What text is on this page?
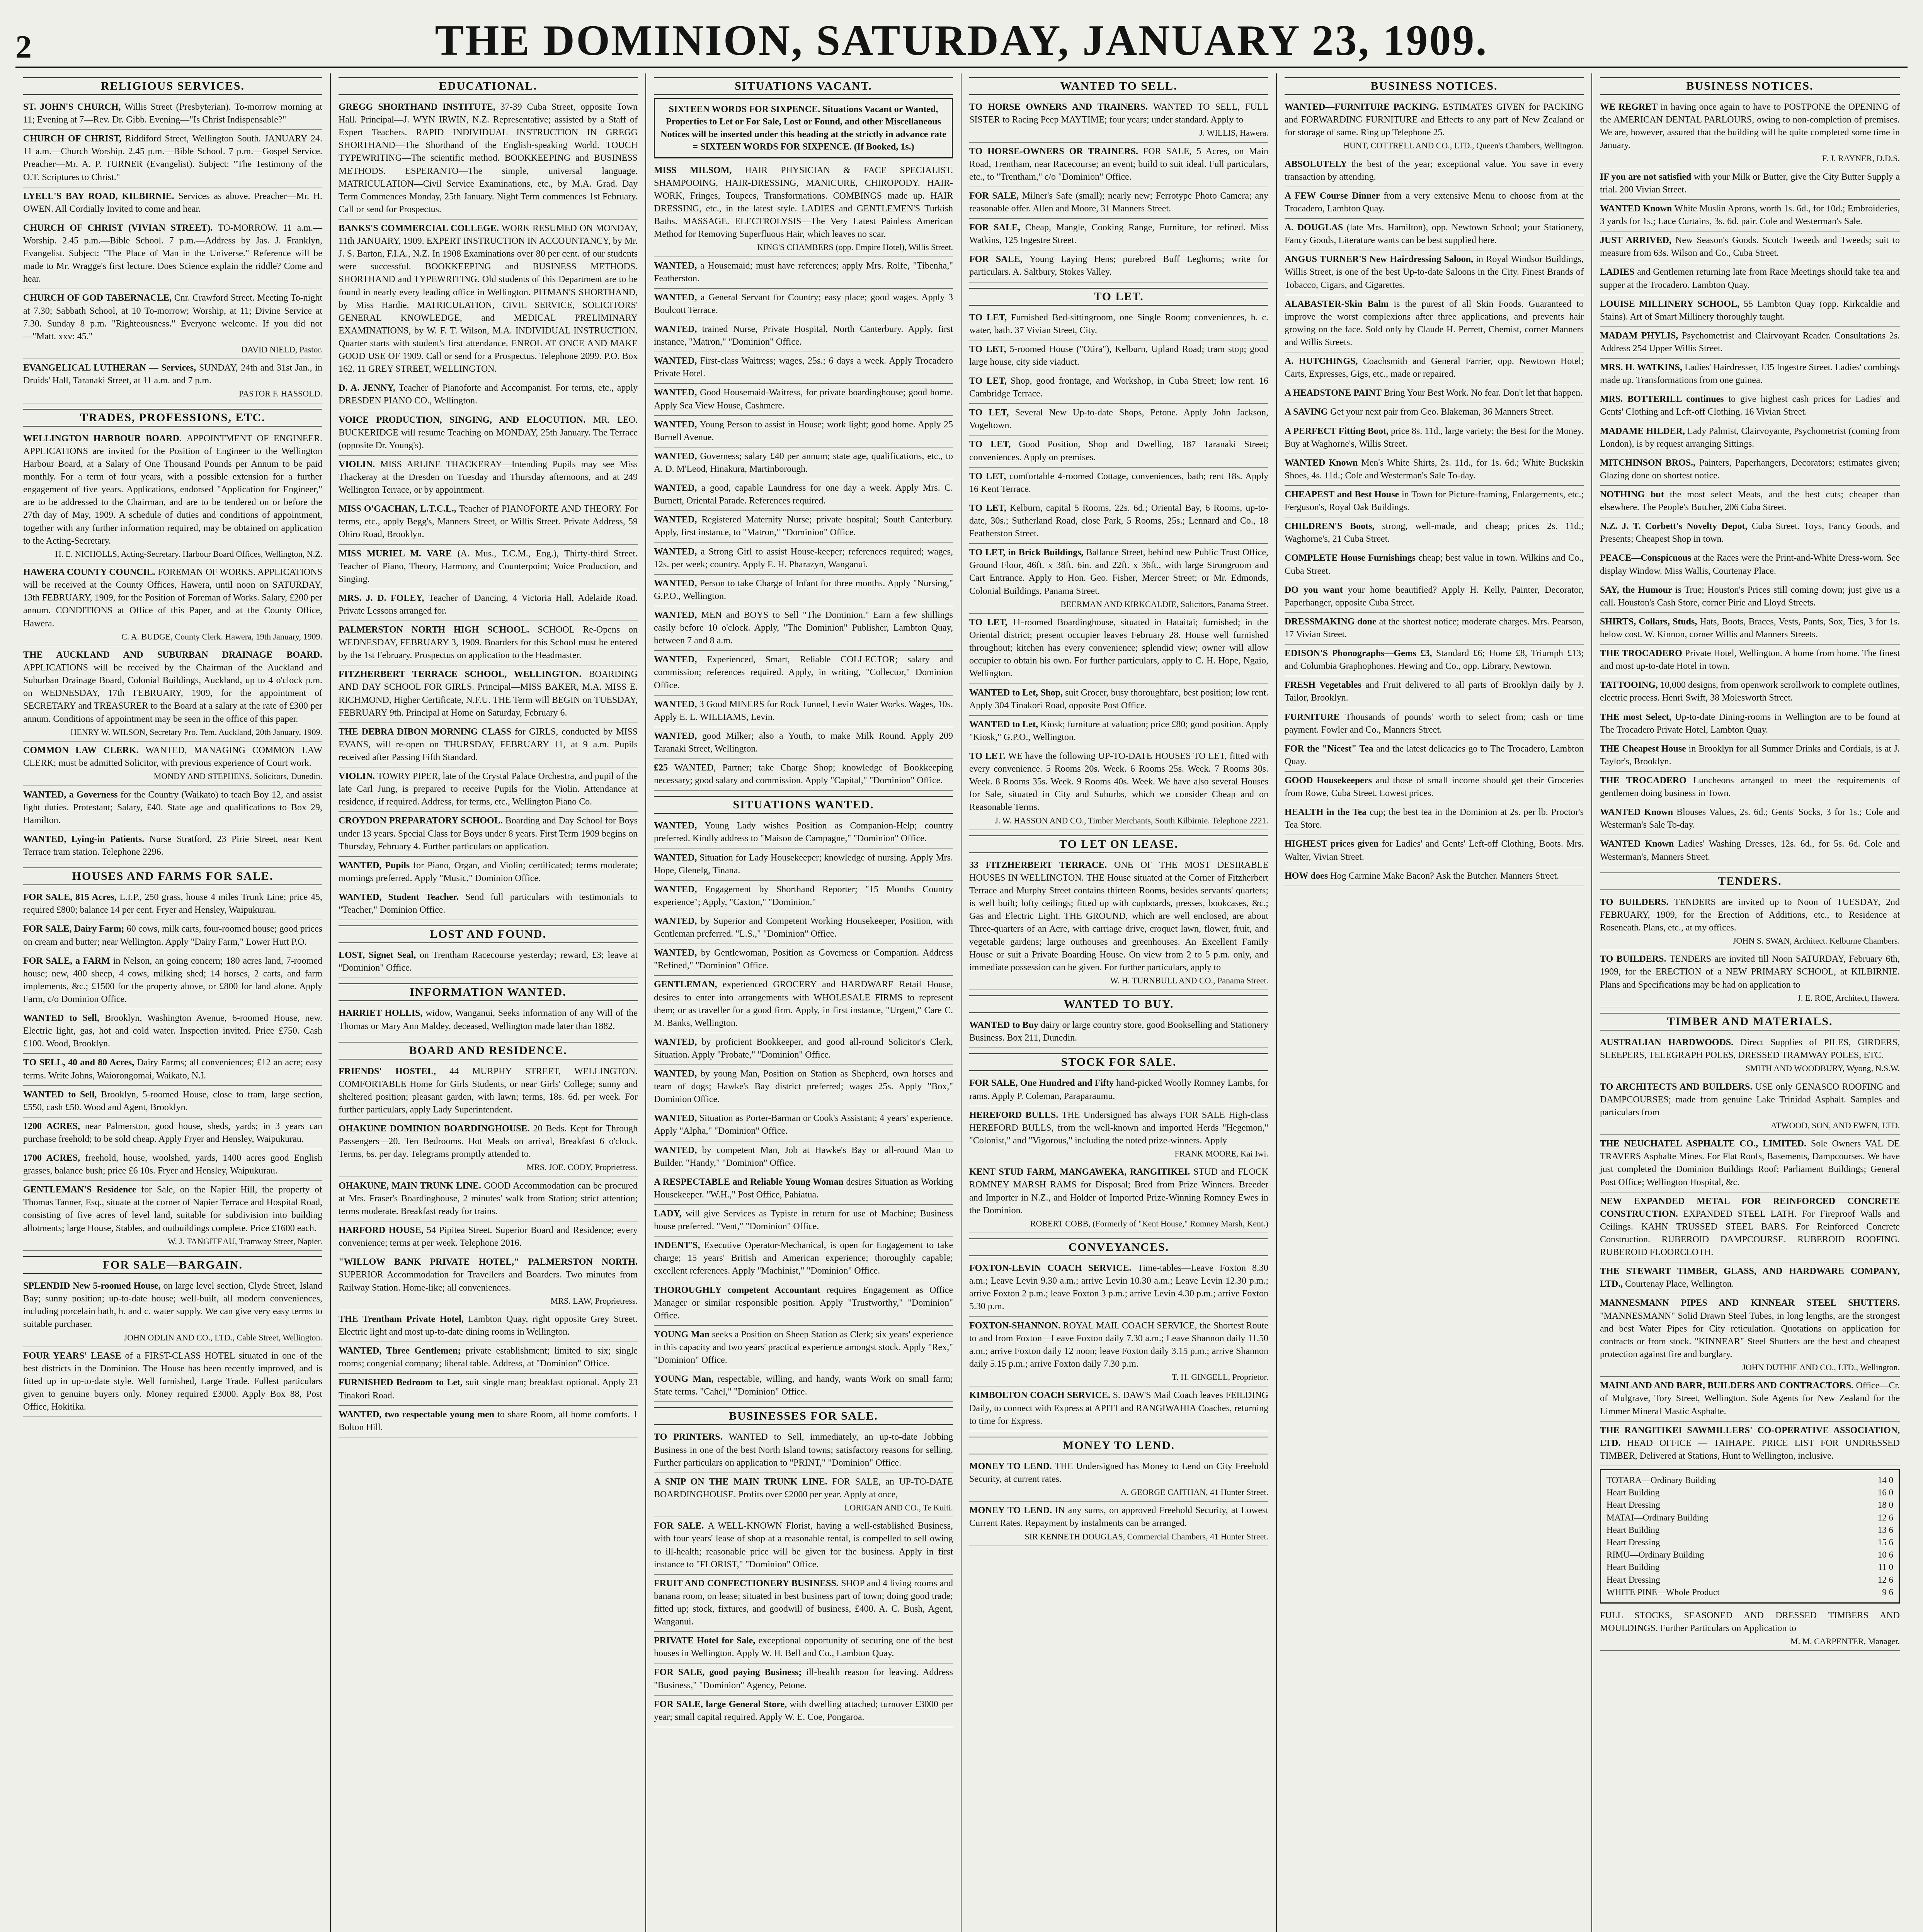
2	THE DOMINION, SATURDAY, JANUARY 23, 1909.
RELIGIOUS SERVICES.
ST. JOHN'S CHURCH, Willis Street (Presbyterian). To-morrow morning at 11; Evening at 7—Rev. Dr. Gibb. Evening—"Is Christ Indispensable?"
CHURCH OF CHRIST, Riddiford Street, Wellington South. JANUARY 24. 11 a.m.—Church Worship. 2.45 p.m.—Bible School. 7 p.m.—Gospel Service. Preacher—Mr. A. P. TURNER (Evangelist). Subject: "The Testimony of the O.T. Scriptures to Christ."
LYELL'S BAY ROAD, KILBIRNIE. Services as above. Preacher—Mr. H. OWEN. All Cordially Invited to come and hear.
CHURCH OF CHRIST (VIVIAN STREET). TO-MORROW. 11 a.m.—Worship. 2.45 p.m.—Bible School. 7 p.m.—Address by Jas. J. Franklyn, Evangelist. Subject: "The Place of Man in the Universe." Reference will be made to Mr. Wragge's first lecture. Does Science explain the riddle? Come and hear.
CHURCH OF GOD TABERNACLE, Cnr. Crawford Street. Meeting To-night at 7.30; Sabbath School, at 10 To-morrow; Worship, at 11; Divine Service at 7.30. Sunday 8 p.m. "Righteousness." Everyone welcome. If you did not—"Matt. xxv: 45."
DAVID NIELD, Pastor.
EVANGELICAL LUTHERAN — Services, SUNDAY, 24th and 31st Jan., in Druids' Hall, Taranaki Street, at 11 a.m. and 7 p.m.
PASTOR F. HASSOLD.
TRADES, PROFESSIONS, ETC.
WELLINGTON HARBOUR BOARD. APPOINTMENT OF ENGINEER. APPLICATIONS are invited for the Position of Engineer to the Wellington Harbour Board, at a Salary of One Thousand Pounds per Annum to be paid monthly. For a term of four years, with a possible extension for a further engagement of five years. Applications, endorsed "Application for Engineer," are to be addressed to the Chairman, and are to be tendered on or before the 27th day of May, 1909. A schedule of duties and conditions of appointment, together with any further information required, may be obtained on application to the Acting-Secretary.
H. E. NICHOLLS, Acting-Secretary. Harbour Board Offices, Wellington, N.Z.
HAWERA COUNTY COUNCIL. FOREMAN OF WORKS. APPLICATIONS will be received at the County Offices, Hawera, until noon on SATURDAY, 13th FEBRUARY, 1909, for the Position of Foreman of Works. Salary, £200 per annum. CONDITIONS at Office of this Paper, and at the County Office, Hawera.
C. A. BUDGE, County Clerk. Hawera, 19th January, 1909.
THE AUCKLAND AND SUBURBAN DRAINAGE BOARD. APPLICATIONS will be received by the Chairman of the Auckland and Suburban Drainage Board, Colonial Buildings, Auckland, up to 4 o'clock p.m. on WEDNESDAY, 17th FEBRUARY, 1909, for the appointment of SECRETARY and TREASURER to the Board at a salary at the rate of £300 per annum. Conditions of appointment may be seen in the office of this paper.
HENRY W. WILSON, Secretary Pro. Tem. Auckland, 20th January, 1909.
COMMON LAW CLERK. WANTED, MANAGING COMMON LAW CLERK; must be admitted Solicitor, with previous experience of Court work.
MONDY AND STEPHENS, Solicitors, Dunedin.
WANTED, a Governess for the Country (Waikato) to teach Boy 12, and assist light duties. Protestant; Salary, £40. State age and qualifications to Box 29, Hamilton.
WANTED, Lying-in Patients. Nurse Stratford, 23 Pirie Street, near Kent Terrace tram station. Telephone 2296.
HOUSES AND FARMS FOR SALE.
FOR SALE, 815 Acres, L.I.P., 250 grass, house 4 miles Trunk Line; price 45, required £800; balance 14 per cent. Fryer and Hensley, Waipukurau.
FOR SALE, Dairy Farm; 60 cows, milk carts, four-roomed house; good prices on cream and butter; near Wellington. Apply "Dairy Farm," Lower Hutt P.O.
FOR SALE, a FARM in Nelson, an going concern; 180 acres land, 7-roomed house; new, 400 sheep, 4 cows, milking shed; 14 horses, 2 carts, and farm implements, &c.; £1500 for the property above, or £800 for land alone. Apply Farm, c/o Dominion Office.
WANTED to Sell, Brooklyn, Washington Avenue, 6-roomed House, new. Electric light, gas, hot and cold water. Inspection invited. Price £750. Cash £100. Wood, Brooklyn.
TO SELL, 40 and 80 Acres, Dairy Farms; all conveniences; £12 an acre; easy terms. Write Johns, Waiorongomai, Waikato, N.I.
WANTED to Sell, Brooklyn, 5-roomed House, close to tram, large section, £550, cash £50. Wood and Agent, Brooklyn.
1200 ACRES, near Palmerston, good house, sheds, yards; in 3 years can purchase freehold; to be sold cheap. Apply Fryer and Hensley, Waipukurau.
1700 ACRES, freehold, house, woolshed, yards, 1400 acres good English grasses, balance bush; price £6 10s. Fryer and Hensley, Waipukurau.
GENTLEMAN'S Residence for Sale, on the Napier Hill, the property of Thomas Tanner, Esq., situate at the corner of Napier Terrace and Hospital Road, consisting of five acres of level land, suitable for subdivision into building allotments; large House, Stables, and outbuildings complete. Price £1600 each.
W. J. TANGITEAU, Tramway Street, Napier.
FOR SALE—BARGAIN.
SPLENDID New 5-roomed House, on large level section, Clyde Street, Island Bay; sunny position; up-to-date house; well-built, all modern conveniences, including porcelain bath, h. and c. water supply. We can give very easy terms to suitable purchaser.
JOHN ODLIN AND CO., LTD., Cable Street, Wellington.
FOUR YEARS' LEASE of a FIRST-CLASS HOTEL situated in one of the best districts in the Dominion. The House has been recently improved, and is fitted up in up-to-date style. Well furnished, Large Trade. Fullest particulars given to genuine buyers only. Money required £3000. Apply Box 88, Post Office, Hokitika.
EDUCATIONAL.
GREGG SHORTHAND INSTITUTE, 37-39 Cuba Street, opposite Town Hall. Principal—J. WYN IRWIN, N.Z. Representative; assisted by a Staff of Expert Teachers. RAPID INDIVIDUAL INSTRUCTION IN GREGG SHORTHAND—The Shorthand of the English-speaking World. TOUCH TYPEWRITING—The scientific method. BOOKKEEPING and BUSINESS METHODS. ESPERANTO—The simple, universal language. MATRICULATION—Civil Service Examinations, etc., by M.A. Grad. Day Term Commences Monday, 25th January. Night Term commences 1st February. Call or send for Prospectus.
BANKS'S COMMERCIAL COLLEGE. WORK RESUMED ON MONDAY, 11th JANUARY, 1909. EXPERT INSTRUCTION IN ACCOUNTANCY, by Mr. J. S. Barton, F.I.A., N.Z. In 1908 Examinations over 80 per cent. of our students were successful. BOOKKEEPING and BUSINESS METHODS. SHORTHAND and TYPEWRITING. Old students of this Department are to be found in nearly every leading office in Wellington. PITMAN'S SHORTHAND, by Miss Hardie. MATRICULATION, CIVIL SERVICE, SOLICITORS' GENERAL KNOWLEDGE, and MEDICAL PRELIMINARY EXAMINATIONS, by W. F. T. Wilson, M.A. INDIVIDUAL INSTRUCTION. Quarter starts with student's first attendance. ENROL AT ONCE AND MAKE GOOD USE OF 1909. Call or send for a Prospectus. Telephone 2099. P.O. Box 162. 11 GREY STREET, WELLINGTON.
D. A. JENNY, Teacher of Pianoforte and Accompanist. For terms, etc., apply DRESDEN PIANO CO., Wellington.
VOICE PRODUCTION, SINGING, AND ELOCUTION. MR. LEO. BUCKERIDGE will resume Teaching on MONDAY, 25th January. The Terrace (opposite Dr. Young's).
VIOLIN. MISS ARLINE THACKERAY—Intending Pupils may see Miss Thackeray at the Dresden on Tuesday and Thursday afternoons, and at 249 Wellington Terrace, or by appointment.
MISS O'GACHAN, L.T.C.L., Teacher of PIANOFORTE AND THEORY. For terms, etc., apply Begg's, Manners Street, or Willis Street. Private Address, 59 Ohiro Road, Brooklyn.
MISS MURIEL M. VARE (A. Mus., T.C.M., Eng.), Thirty-third Street. Teacher of Piano, Theory, Harmony, and Counterpoint; Voice Production, and Singing.
MRS. J. D. FOLEY, Teacher of Dancing, 4 Victoria Hall, Adelaide Road. Private Lessons arranged for.
PALMERSTON NORTH HIGH SCHOOL. SCHOOL Re-Opens on WEDNESDAY, FEBRUARY 3, 1909. Boarders for this School must be entered by the 1st February. Prospectus on application to the Headmaster.
FITZHERBERT TERRACE SCHOOL, WELLINGTON. BOARDING AND DAY SCHOOL FOR GIRLS. Principal—MISS BAKER, M.A. MISS E. RICHMOND, Higher Certificate, N.F.U. THE Term will BEGIN on TUESDAY, FEBRUARY 9th. Principal at Home on Saturday, February 6.
THE DEBRA DIBON MORNING CLASS for GIRLS, conducted by MISS EVANS, will re-open on THURSDAY, FEBRUARY 11, at 9 a.m. Pupils received after Passing Fifth Standard.
VIOLIN. TOWRY PIPER, late of the Crystal Palace Orchestra, and pupil of the late Carl Jung, is prepared to receive Pupils for the Violin. Attendance at residence, if required. Address, for terms, etc., Wellington Piano Co.
CROYDON PREPARATORY SCHOOL. Boarding and Day School for Boys under 13 years. Special Class for Boys under 8 years. First Term 1909 begins on Thursday, February 4. Further particulars on application.
WANTED, Pupils for Piano, Organ, and Violin; certificated; terms moderate; mornings preferred. Apply "Music," Dominion Office.
WANTED, Student Teacher. Send full particulars with testimonials to "Teacher," Dominion Office.
LOST AND FOUND.
LOST, Signet Seal, on Trentham Racecourse yesterday; reward, £3; leave at "Dominion" Office.
INFORMATION WANTED.
HARRIET HOLLIS, widow, Wanganui, Seeks information of any Will of the Thomas or Mary Ann Maldey, deceased, Wellington made later than 1882.
BOARD AND RESIDENCE.
FRIENDS' HOSTEL, 44 MURPHY STREET, WELLINGTON. COMFORTABLE Home for Girls Students, or near Girls' College; sunny and sheltered position; pleasant garden, with lawn; terms, 18s. 6d. per week. For further particulars, apply Lady Superintendent.
OHAKUNE DOMINION BOARDINGHOUSE. 20 Beds. Kept for Through Passengers—20. Ten Bedrooms. Hot Meals on arrival, Breakfast 6 o'clock. Terms, 6s. per day. Telegrams promptly attended to.
MRS. JOE. CODY, Proprietress.
OHAKUNE, MAIN TRUNK LINE. GOOD Accommodation can be procured at Mrs. Fraser's Boardinghouse, 2 minutes' walk from Station; strict attention; terms moderate. Breakfast ready for trains.
HARFORD HOUSE, 54 Pipitea Street. Superior Board and Residence; every convenience; terms at per week. Telephone 2016.
"WILLOW BANK PRIVATE HOTEL," PALMERSTON NORTH. SUPERIOR Accommodation for Travellers and Boarders. Two minutes from Railway Station. Home-like; all conveniences.
MRS. LAW, Proprietress.
THE Trentham Private Hotel, Lambton Quay, right opposite Grey Street. Electric light and most up-to-date dining rooms in Wellington.
WANTED, Three Gentlemen; private establishment; limited to six; single rooms; congenial company; liberal table. Address, at "Dominion" Office.
FURNISHED Bedroom to Let, suit single man; breakfast optional. Apply 23 Tinakori Road.
WANTED, two respectable young men to share Room, all home comforts. 1 Bolton Hill.
SITUATIONS VACANT.
SIXTEEN WORDS FOR SIXPENCE. Situations Vacant or Wanted, Properties to Let or For Sale, Lost or Found, and other Miscellaneous Notices will be inserted under this heading at the strictly in advance rate = SIXTEEN WORDS FOR SIXPENCE. (If Booked, 1s.)
MISS MILSOM, HAIR PHYSICIAN & FACE SPECIALIST. SHAMPOOING, HAIR-DRESSING, MANICURE, CHIROPODY. HAIR-WORK, Fringes, Toupees, Transformations. COMBINGS made up. HAIR DRESSING, etc., in the latest style. LADIES and GENTLEMEN'S Turkish Baths. MASSAGE. ELECTROLYSIS—The Very Latest Painless American Method for Removing Superfluous Hair, which leaves no scar.
KING'S CHAMBERS (opp. Empire Hotel), Willis Street.
WANTED, a Housemaid; must have references; apply Mrs. Rolfe, "Tibenha," Featherston.
WANTED, a General Servant for Country; easy place; good wages. Apply 3 Boulcott Terrace.
WANTED, trained Nurse, Private Hospital, North Canterbury. Apply, first instance, "Matron," "Dominion" Office.
WANTED, First-class Waitress; wages, 25s.; 6 days a week. Apply Trocadero Private Hotel.
WANTED, Good Housemaid-Waitress, for private boardinghouse; good home. Apply Sea View House, Cashmere.
WANTED, Young Person to assist in House; work light; good home. Apply 25 Burnell Avenue.
WANTED, Governess; salary £40 per annum; state age, qualifications, etc., to A. D. M'Leod, Hinakura, Martinborough.
WANTED, a good, capable Laundress for one day a week. Apply Mrs. C. Burnett, Oriental Parade. References required.
WANTED, Registered Maternity Nurse; private hospital; South Canterbury. Apply, first instance, to "Matron," "Dominion" Office.
WANTED, a Strong Girl to assist House-keeper; references required; wages, 12s. per week; country. Apply E. H. Pharazyn, Wanganui.
WANTED, Person to take Charge of Infant for three months. Apply "Nursing," G.P.O., Wellington.
WANTED, MEN and BOYS to Sell "The Dominion." Earn a few shillings easily before 10 o'clock. Apply, "The Dominion" Publisher, Lambton Quay, between 7 and 8 a.m.
WANTED, Experienced, Smart, Reliable COLLECTOR; salary and commission; references required. Apply, in writing, "Collector," Dominion Office.
WANTED, 3 Good MINERS for Rock Tunnel, Levin Water Works. Wages, 10s. Apply E. L. WILLIAMS, Levin.
WANTED, good Milker; also a Youth, to make Milk Round. Apply 209 Taranaki Street, Wellington.
£25 WANTED, Partner; take Charge Shop; knowledge of Bookkeeping necessary; good salary and commission. Apply "Capital," "Dominion" Office.
SITUATIONS WANTED.
WANTED, Young Lady wishes Position as Companion-Help; country preferred. Kindly address to "Maison de Campagne," "Dominion" Office.
WANTED, Situation for Lady Housekeeper; knowledge of nursing. Apply Mrs. Hope, Glenelg, Tinana.
WANTED, Engagement by Shorthand Reporter; "15 Months Country experience"; Apply, "Caxton," "Dominion."
WANTED, by Superior and Competent Working Housekeeper, Position, with Gentleman preferred. "L.S.," "Dominion" Office.
WANTED, by Gentlewoman, Position as Governess or Companion. Address "Refined," "Dominion" Office.
GENTLEMAN, experienced GROCERY and HARDWARE Retail House, desires to enter into arrangements with WHOLESALE FIRMS to represent them; or as traveller for a good firm. Apply, in first instance, "Urgent," Care C. M. Banks, Wellington.
WANTED, by proficient Bookkeeper, and good all-round Solicitor's Clerk, Situation. Apply "Probate," "Dominion" Office.
WANTED, by young Man, Position on Station as Shepherd, own horses and team of dogs; Hawke's Bay district preferred; wages 25s. Apply "Box," Dominion Office.
WANTED, Situation as Porter-Barman or Cook's Assistant; 4 years' experience. Apply "Alpha," "Dominion" Office.
WANTED, by competent Man, Job at Hawke's Bay or all-round Man to Builder. "Handy," "Dominion" Office.
A RESPECTABLE and Reliable Young Woman desires Situation as Working Housekeeper. "W.H.," Post Office, Pahiatua.
LADY, will give Services as Typiste in return for use of Machine; Business house preferred. "Vent," "Dominion" Office.
INDENT'S, Executive Operator-Mechanical, is open for Engagement to take charge; 15 years' British and American experience; thoroughly capable; excellent references. Apply "Machinist," "Dominion" Office.
THOROUGHLY competent Accountant requires Engagement as Office Manager or similar responsible position. Apply "Trustworthy," "Dominion" Office.
YOUNG Man seeks a Position on Sheep Station as Clerk; six years' experience in this capacity and two years' practical experience amongst stock. Apply "Rex," "Dominion" Office.
YOUNG Man, respectable, willing, and handy, wants Work on small farm; State terms. "Cahel," "Dominion" Office.
BUSINESSES FOR SALE.
TO PRINTERS. WANTED to Sell, immediately, an up-to-date Jobbing Business in one of the best North Island towns; satisfactory reasons for selling. Further particulars on application to "PRINT," "Dominion" Office.
A SNIP ON THE MAIN TRUNK LINE. FOR SALE, an UP-TO-DATE BOARDINGHOUSE. Profits over £2000 per year. Apply at once,
LORIGAN AND CO., Te Kuiti.
FOR SALE. A WELL-KNOWN Florist, having a well-established Business, with four years' lease of shop at a reasonable rental, is compelled to sell owing to ill-health; reasonable price will be given for the business. Apply in first instance to "FLORIST," "Dominion" Office.
FRUIT AND CONFECTIONERY BUSINESS. SHOP and 4 living rooms and banana room, on lease; situated in best business part of town; doing good trade; fitted up; stock, fixtures, and goodwill of business, £400. A. C. Bush, Agent, Wanganui.
PRIVATE Hotel for Sale, exceptional opportunity of securing one of the best houses in Wellington. Apply W. H. Bell and Co., Lambton Quay.
FOR SALE, good paying Business; ill-health reason for leaving. Address "Business," "Dominion" Agency, Petone.
FOR SALE, large General Store, with dwelling attached; turnover £3000 per year; small capital required. Apply W. E. Coe, Pongaroa.
WANTED TO SELL.
TO HORSE OWNERS AND TRAINERS. WANTED TO SELL, FULL SISTER to Racing Peep MAYTIME; four years; under standard. Apply to
J. WILLIS, Hawera.
TO HORSE-OWNERS OR TRAINERS. FOR SALE, 5 Acres, on Main Road, Trentham, near Racecourse; an event; build to suit ideal. Full particulars, etc., to "Trentham," c/o "Dominion" Office.
FOR SALE, Milner's Safe (small); nearly new; Ferrotype Photo Camera; any reasonable offer. Allen and Moore, 31 Manners Street.
FOR SALE, Cheap, Mangle, Cooking Range, Furniture, for refined. Miss Watkins, 125 Ingestre Street.
FOR SALE, Young Laying Hens; purebred Buff Leghorns; write for particulars. A. Saltbury, Stokes Valley.
TO LET.
TO LET, Furnished Bed-sittingroom, one Single Room; conveniences, h. c. water, bath. 37 Vivian Street, City.
TO LET, 5-roomed House ("Otira"), Kelburn, Upland Road; tram stop; good large house, city side viaduct.
TO LET, Shop, good frontage, and Workshop, in Cuba Street; low rent. 16 Cambridge Terrace.
TO LET, Several New Up-to-date Shops, Petone. Apply John Jackson, Vogeltown.
TO LET, Good Position, Shop and Dwelling, 187 Taranaki Street; conveniences. Apply on premises.
TO LET, comfortable 4-roomed Cottage, conveniences, bath; rent 18s. Apply 16 Kent Terrace.
TO LET, Kelburn, capital 5 Rooms, 22s. 6d.; Oriental Bay, 6 Rooms, up-to-date, 30s.; Sutherland Road, close Park, 5 Rooms, 25s.; Lennard and Co., 18 Featherston Street.
TO LET, in Brick Buildings, Ballance Street, behind new Public Trust Office, Ground Floor, 46ft. x 38ft. 6in. and 22ft. x 36ft., with large Strongroom and Cart Entrance. Apply to Hon. Geo. Fisher, Mercer Street; or Mr. Edmonds, Colonial Buildings, Panama Street.
BEERMAN AND KIRKCALDIE, Solicitors, Panama Street.
TO LET, 11-roomed Boardinghouse, situated in Hataitai; furnished; in the Oriental district; present occupier leaves February 28. House well furnished throughout; kitchen has every convenience; splendid view; owner will allow occupier to obtain his own. For further particulars, apply to C. H. Hope, Ngaio, Wellington.
WANTED to Let, Shop, suit Grocer, busy thoroughfare, best position; low rent. Apply 304 Tinakori Road, opposite Post Office.
WANTED to Let, Kiosk; furniture at valuation; price £80; good position. Apply "Kiosk," G.P.O., Wellington.
TO LET. WE have the following UP-TO-DATE HOUSES TO LET, fitted with every convenience. 5 Rooms 20s. Week. 6 Rooms 25s. Week. 7 Rooms 30s. Week. 8 Rooms 35s. Week. 9 Rooms 40s. Week. We have also several Houses for Sale, situated in City and Suburbs, which we consider Cheap and on Reasonable Terms.
J. W. HASSON AND CO., Timber Merchants, South Kilbirnie. Telephone 2221.
TO LET ON LEASE.
33 FITZHERBERT TERRACE. ONE OF THE MOST DESIRABLE HOUSES IN WELLINGTON. THE House situated at the Corner of Fitzherbert Terrace and Murphy Street contains thirteen Rooms, besides servants' quarters; is well built; lofty ceilings; fitted up with cupboards, presses, bookcases, &c.; Gas and Electric Light. THE GROUND, which are well enclosed, are about Three-quarters of an Acre, with carriage drive, croquet lawn, flower, fruit, and vegetable gardens; large outhouses and greenhouses. An Excellent Family House or suit a Private Boarding House. On view from 2 to 5 p.m. only, and immediate possession can be given. For further particulars, apply to
W. H. TURNBULL AND CO., Panama Street.
WANTED TO BUY.
WANTED to Buy dairy or large country store, good Bookselling and Stationery Business. Box 211, Dunedin.
STOCK FOR SALE.
FOR SALE, One Hundred and Fifty hand-picked Woolly Romney Lambs, for rams. Apply P. Coleman, Paraparaumu.
HEREFORD BULLS. THE Undersigned has always FOR SALE High-class HEREFORD BULLS, from the well-known and imported Herds "Hegemon," "Colonist," and "Vigorous," including the noted prize-winners. Apply
FRANK MOORE, Kai Iwi.
KENT STUD FARM, MANGAWEKA, RANGITIKEI. STUD and FLOCK ROMNEY MARSH RAMS for Disposal; Bred from Prize Winners. Breeder and Importer in N.Z., and Holder of Imported Prize-Winning Romney Ewes in the Dominion.
ROBERT COBB, (Formerly of "Kent House," Romney Marsh, Kent.)
CONVEYANCES.
FOXTON-LEVIN COACH SERVICE. Time-tables—Leave Foxton 8.30 a.m.; Leave Levin 9.30 a.m.; arrive Levin 10.30 a.m.; Leave Levin 12.30 p.m.; arrive Foxton 2 p.m.; leave Foxton 3 p.m.; arrive Levin 4.30 p.m.; arrive Foxton 5.30 p.m.
FOXTON-SHANNON. ROYAL MAIL COACH SERVICE, the Shortest Route to and from Foxton—Leave Foxton daily 7.30 a.m.; Leave Shannon daily 11.50 a.m.; arrive Foxton daily 12 noon; leave Foxton daily 3.15 p.m.; arrive Shannon daily 5.15 p.m.; arrive Foxton daily 7.30 p.m.
T. H. GINGELL, Proprietor.
KIMBOLTON COACH SERVICE. S. DAW'S Mail Coach leaves FEILDING Daily, to connect with Express at APITI and RANGIWAHIA Coaches, returning to time for Express.
MONEY TO LEND.
MONEY TO LEND. THE Undersigned has Money to Lend on City Freehold Security, at current rates.
A. GEORGE CAITHAN, 41 Hunter Street.
MONEY TO LEND. IN any sums, on approved Freehold Security, at Lowest Current Rates. Repayment by instalments can be arranged.
SIR KENNETH DOUGLAS, Commercial Chambers, 41 Hunter Street.
BUSINESS NOTICES.
WANTED—FURNITURE PACKING. ESTIMATES GIVEN for PACKING and FORWARDING FURNITURE and Effects to any part of New Zealand or for storage of same. Ring up Telephone 25.
HUNT, COTTRELL AND CO., LTD., Queen's Chambers, Wellington.
ABSOLUTELY the best of the year; exceptional value. You save in every transaction by attending.
A FEW Course Dinner from a very extensive Menu to choose from at the Trocadero, Lambton Quay.
A. DOUGLAS (late Mrs. Hamilton), opp. Newtown School; your Stationery, Fancy Goods, Literature wants can be best supplied here.
ANGUS TURNER'S New Hairdressing Saloon, in Royal Windsor Buildings, Willis Street, is one of the best Up-to-date Saloons in the City. Finest Brands of Tobacco, Cigars, and Cigarettes.
ALABASTER-Skin Balm is the purest of all Skin Foods. Guaranteed to improve the worst complexions after three applications, and prevents hair growing on the face. Sold only by Claude H. Perrett, Chemist, corner Manners and Willis Streets.
A. HUTCHINGS, Coachsmith and General Farrier, opp. Newtown Hotel; Carts, Expresses, Gigs, etc., made or repaired.
A HEADSTONE PAINT Bring Your Best Work. No fear. Don't let that happen.
A SAVING Get your next pair from Geo. Blakeman, 36 Manners Street.
A PERFECT Fitting Boot, price 8s. 11d., large variety; the Best for the Money. Buy at Waghorne's, Willis Street.
WANTED Known Men's White Shirts, 2s. 11d., for 1s. 6d.; White Buckskin Shoes, 4s. 11d.; Cole and Westerman's Sale To-day.
CHEAPEST and Best House in Town for Picture-framing, Enlargements, etc.; Ferguson's, Royal Oak Buildings.
CHILDREN'S Boots, strong, well-made, and cheap; prices 2s. 11d.; Waghorne's, 21 Cuba Street.
COMPLETE House Furnishings cheap; best value in town. Wilkins and Co., Cuba Street.
DO you want your home beautified? Apply H. Kelly, Painter, Decorator, Paperhanger, opposite Cuba Street.
DRESSMAKING done at the shortest notice; moderate charges. Mrs. Pearson, 17 Vivian Street.
EDISON'S Phonographs—Gems £3, Standard £6; Home £8, Triumph £13; and Columbia Graphophones. Hewing and Co., opp. Library, Newtown.
FRESH Vegetables and Fruit delivered to all parts of Brooklyn daily by J. Tailor, Brooklyn.
FURNITURE Thousands of pounds' worth to select from; cash or time payment. Fowler and Co., Manners Street.
FOR the "Nicest" Tea and the latest delicacies go to The Trocadero, Lambton Quay.
GOOD Housekeepers and those of small income should get their Groceries from Rowe, Cuba Street. Lowest prices.
HEALTH in the Tea cup; the best tea in the Dominion at 2s. per lb. Proctor's Tea Store.
HIGHEST prices given for Ladies' and Gents' Left-off Clothing, Boots. Mrs. Walter, Vivian Street.
HOW does Hog Carmine Make Bacon? Ask the Butcher. Manners Street.
BUSINESS NOTICES.
WE REGRET in having once again to have to POSTPONE the OPENING of the AMERICAN DENTAL PARLOURS, owing to non-completion of premises. We are, however, assured that the building will be quite completed some time in January.
F. J. RAYNER, D.D.S.
IF you are not satisfied with your Milk or Butter, give the City Butter Supply a trial. 200 Vivian Street.
WANTED Known White Muslin Aprons, worth 1s. 6d., for 10d.; Embroideries, 3 yards for 1s.; Lace Curtains, 3s. 6d. pair. Cole and Westerman's Sale.
JUST ARRIVED, New Season's Goods. Scotch Tweeds and Tweeds; suit to measure from 63s. Wilson and Co., Cuba Street.
LADIES and Gentlemen returning late from Race Meetings should take tea and supper at the Trocadero. Lambton Quay.
LOUISE MILLINERY SCHOOL, 55 Lambton Quay (opp. Kirkcaldie and Stains). Art of Smart Millinery thoroughly taught.
MADAM PHYLIS, Psychometrist and Clairvoyant Reader. Consultations 2s. Address 254 Upper Willis Street.
MRS. H. WATKINS, Ladies' Hairdresser, 135 Ingestre Street. Ladies' combings made up. Transformations from one guinea.
MRS. BOTTERILL continues to give highest cash prices for Ladies' and Gents' Clothing and Left-off Clothing. 16 Vivian Street.
MADAME HILDER, Lady Palmist, Clairvoyante, Psychometrist (coming from London), is by request arranging Sittings.
MITCHINSON BROS., Painters, Paperhangers, Decorators; estimates given; Glazing done on shortest notice.
NOTHING but the most select Meats, and the best cuts; cheaper than elsewhere. The People's Butcher, 206 Cuba Street.
N.Z. J. T. Corbett's Novelty Depot, Cuba Street. Toys, Fancy Goods, and Presents; Cheapest Shop in town.
PEACE—Conspicuous at the Races were the Print-and-White Dress-worn. See display Window. Miss Wallis, Courtenay Place.
SAY, the Humour is True; Houston's Prices still coming down; just give us a call. Houston's Cash Store, corner Pirie and Lloyd Streets.
SHIRTS, Collars, Studs, Hats, Boots, Braces, Vests, Pants, Sox, Ties, 3 for 1s. below cost. W. Kinnon, corner Willis and Manners Streets.
THE TROCADERO Private Hotel, Wellington. A home from home. The finest and most up-to-date Hotel in town.
TATTOOING, 10,000 designs, from openwork scrollwork to complete outlines, electric process. Henri Swift, 38 Molesworth Street.
THE most Select, Up-to-date Dining-rooms in Wellington are to be found at The Trocadero Private Hotel, Lambton Quay.
THE Cheapest House in Brooklyn for all Summer Drinks and Cordials, is at J. Taylor's, Brooklyn.
THE TROCADERO Luncheons arranged to meet the requirements of gentlemen doing business in Town.
WANTED Known Blouses Values, 2s. 6d.; Gents' Socks, 3 for 1s.; Cole and Westerman's Sale To-day.
WANTED Known Ladies' Washing Dresses, 12s. 6d., for 5s. 6d. Cole and Westerman's, Manners Street.
TENDERS.
TO BUILDERS. TENDERS are invited up to Noon of TUESDAY, 2nd FEBRUARY, 1909, for the Erection of Additions, etc., to Residence at Roseneath. Plans, etc., at my offices.
JOHN S. SWAN, Architect. Kelburne Chambers.
TO BUILDERS. TENDERS are invited till Noon SATURDAY, February 6th, 1909, for the ERECTION of a NEW PRIMARY SCHOOL, at KILBIRNIE. Plans and Specifications may be had on application to
J. E. ROE, Architect, Hawera.
TIMBER AND MATERIALS.
AUSTRALIAN HARDWOODS. Direct Supplies of PILES, GIRDERS, SLEEPERS, TELEGRAPH POLES, DRESSED TRAMWAY POLES, ETC.
SMITH AND WOODBURY, Wyong, N.S.W.
TO ARCHITECTS AND BUILDERS. USE only GENASCO ROOFING and DAMPCOURSES; made from genuine Lake Trinidad Asphalt. Samples and particulars from
ATWOOD, SON, AND EWEN, LTD.
THE NEUCHATEL ASPHALTE CO., LIMITED. Sole Owners VAL DE TRAVERS Asphalte Mines. For Flat Roofs, Basements, Dampcourses. We have just completed the Dominion Buildings Roof; Parliament Buildings; General Post Office; Wellington Hospital, &c.
NEW EXPANDED METAL FOR REINFORCED CONCRETE CONSTRUCTION. EXPANDED STEEL LATH. For Fireproof Walls and Ceilings. KAHN TRUSSED STEEL BARS. For Reinforced Concrete Construction. RUBEROID DAMPCOURSE. RUBEROID ROOFING. RUBEROID FLOORCLOTH.
THE STEWART TIMBER, GLASS, AND HARDWARE COMPANY, LTD., Courtenay Place, Wellington.
MANNESMANN PIPES AND KINNEAR STEEL SHUTTERS. "MANNESMANN" Solid Drawn Steel Tubes, in long lengths, are the strongest and best Water Pipes for City reticulation. Quotations on application for contracts or from stock. "KINNEAR" Steel Shutters are the best and cheapest protection against fire and burglary.
JOHN DUTHIE AND CO., LTD., Wellington.
MAINLAND AND BARR, BUILDERS AND CONTRACTORS. Office—Cr. of Mulgrave, Tory Street, Wellington. Sole Agents for New Zealand for the Limmer Mineral Mastic Asphalte.
THE RANGITIKEI SAWMILLERS' CO-OPERATIVE ASSOCIATION, LTD. HEAD OFFICE — TAIHAPE. PRICE LIST FOR UNDRESSED TIMBER, Delivered at Stations, Hunt to Wellington, inclusive.
TOTARA—Ordinary Building	14 0
Heart Building	16 0
Heart Dressing	18 0
MATAI—Ordinary Building	12 6
Heart Building	13 6
Heart Dressing	15 6
RIMU—Ordinary Building	10 6
Heart Building	11 0
Heart Dressing	12 6
WHITE PINE—Whole Product	9 6
FULL STOCKS, SEASONED AND DRESSED TIMBERS AND MOULDINGS. Further Particulars on Application to
M. M. CARPENTER, Manager.
